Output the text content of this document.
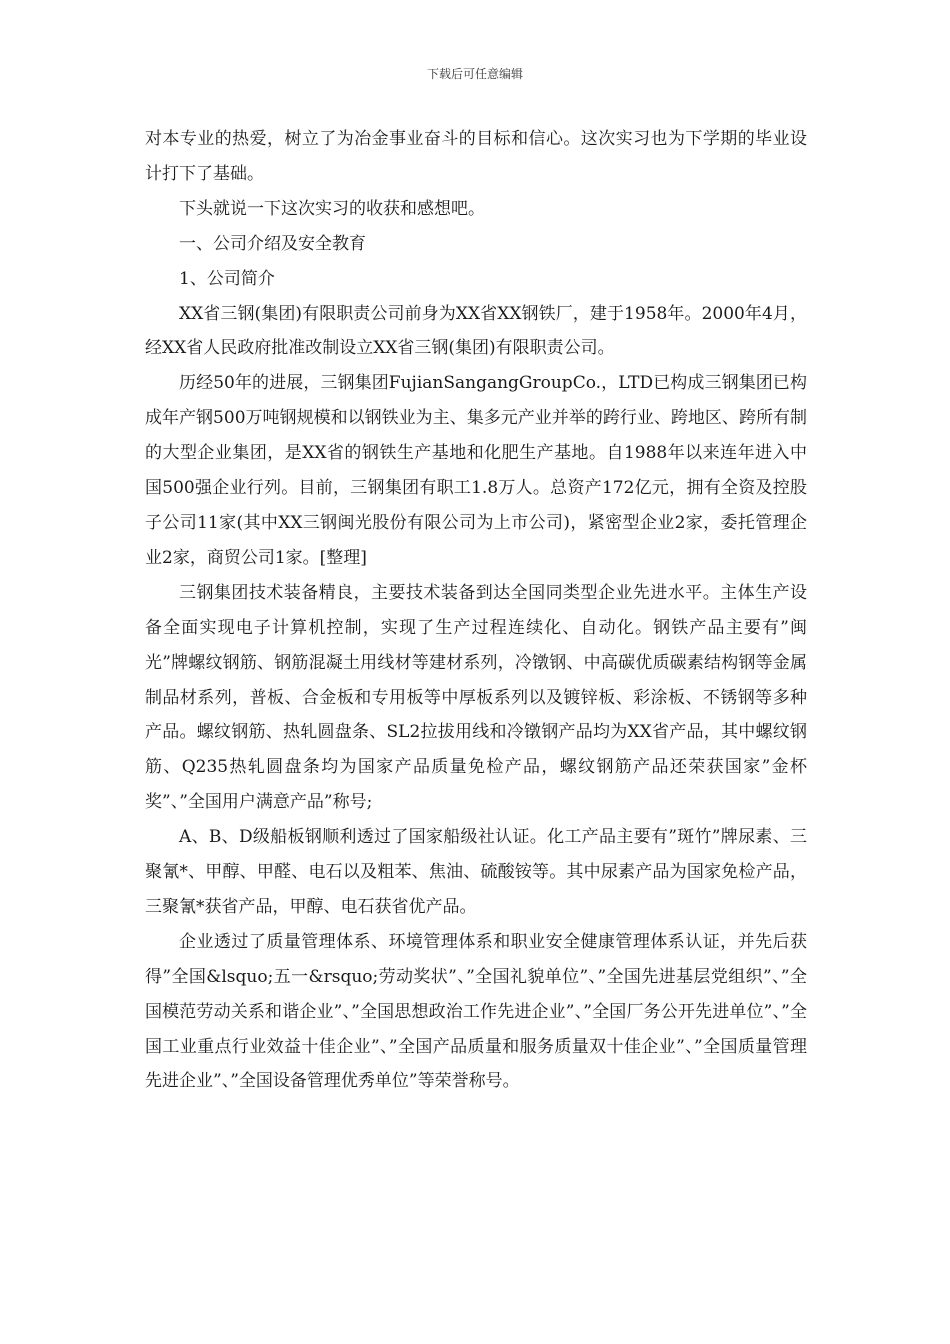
下载后可任意编辑

对本专业的热爱，树立了为冶金事业奋斗的目标和信心。这次实习也为下学期的毕业设计打下了基础。

下头就说一下这次实习的收获和感想吧。

一、公司介绍及安全教育

1、公司简介

XX省三钢(集团)有限职责公司前身为XX省XX钢铁厂，建于1958年。2000年4月，经XX省人民政府批准改制设立XX省三钢(集团)有限职责公司。

历经50年的进展，三钢集团FujianSangangGroupCo.，LTD已构成三钢集团已构成年产钢500万吨钢规模和以钢铁业为主、集多元产业并举的跨行业、跨地区、跨所有制的大型企业集团，是XX省的钢铁生产基地和化肥生产基地。自1988年以来连年进入中国500强企业行列。目前，三钢集团有职工1.8万人。总资产172亿元，拥有全资及控股子公司11家(其中XX三钢闽光股份有限公司为上市公司)，紧密型企业2家，委托管理企业2家，商贸公司1家。[整理]

三钢集团技术装备精良，主要技术装备到达全国同类型企业先进水平。主体生产设备全面实现电子计算机控制，实现了生产过程连续化、自动化。钢铁产品主要有”闽光”牌螺纹钢筋、钢筋混凝土用线材等建材系列，冷镦钢、中高碳优质碳素结构钢等金属制品材系列，普板、合金板和专用板等中厚板系列以及镀锌板、彩涂板、不锈钢等多种产品。螺纹钢筋、热轧圆盘条、SL2拉拔用线和冷镦钢产品均为XX省产品，其中螺纹钢筋、Q235热轧圆盘条均为国家产品质量免检产品，螺纹钢筋产品还荣获国家”金杯奖”、”全国用户满意产品”称号;

A、B、D级船板钢顺利透过了国家船级社认证。化工产品主要有”斑竹”牌尿素、三聚氰*、甲醇、甲醛、电石以及粗苯、焦油、硫酸铵等。其中尿素产品为国家免检产品，三聚氰*获省产品，甲醇、电石获省优产品。

企业透过了质量管理体系、环境管理体系和职业安全健康管理体系认证，并先后获得”全国&lsquo;五一&rsquo;劳动奖状”、”全国礼貌单位”、”全国先进基层党组织”、”全国模范劳动关系和谐企业”、”全国思想政治工作先进企业”、”全国厂务公开先进单位”、”全国工业重点行业效益十佳企业”、”全国产品质量和服务质量双十佳企业”、”全国质量管理先进企业”、”全国设备管理优秀单位”等荣誉称号。
